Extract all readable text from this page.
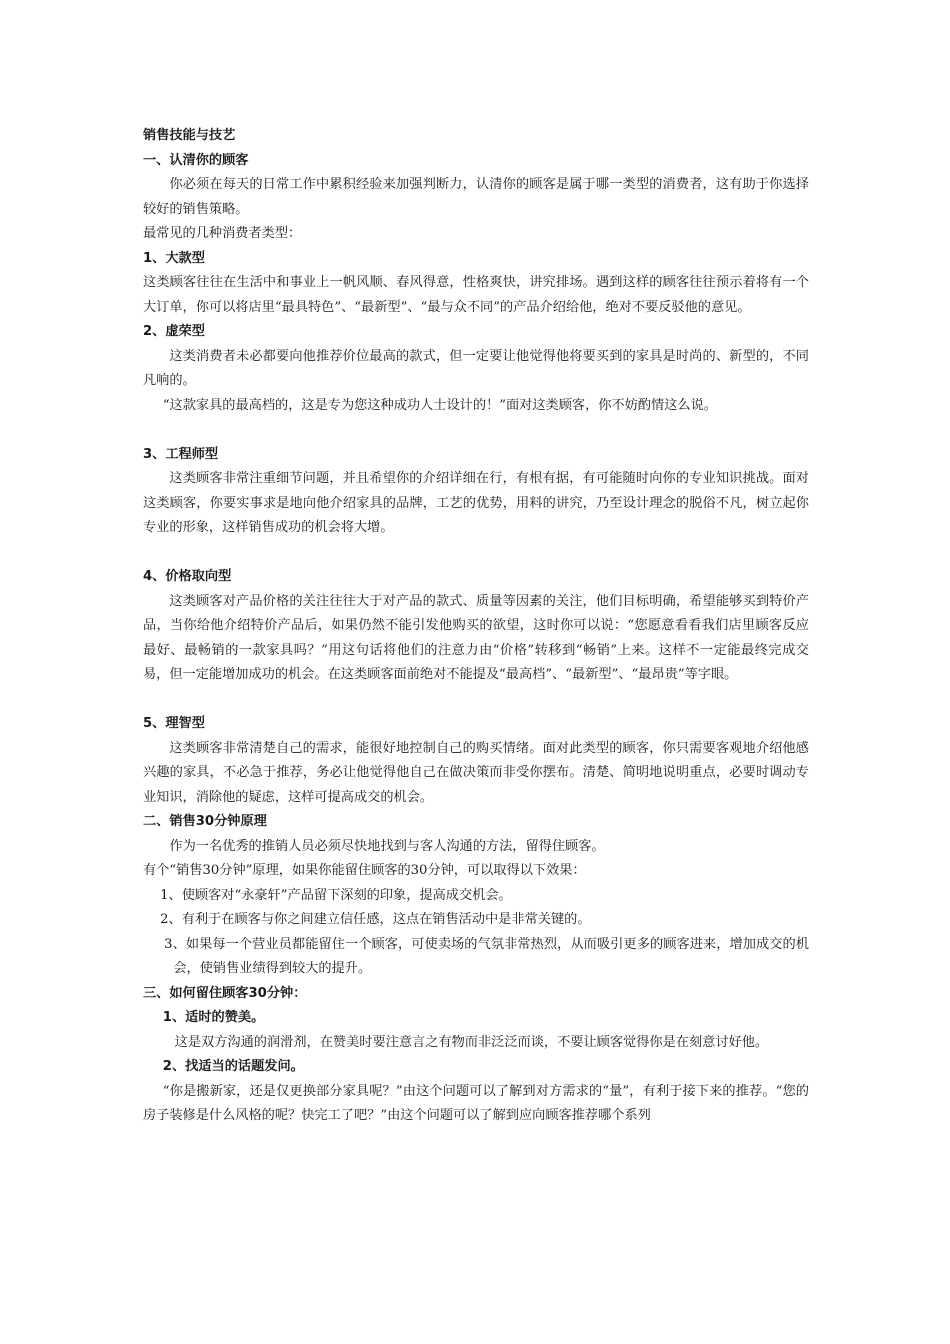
销售技能与技艺

一、认清你的顾客

你必须在每天的日常工作中累积经验来加强判断力，认清你的顾客是属于哪一类型的消费者，这有助于你选择较好的销售策略。

最常见的几种消费者类型：

1、大款型

这类顾客往往在生活中和事业上一帆风顺、春风得意，性格爽快，讲究排场。遇到这样的顾客往往预示着将有一个大订单，你可以将店里“最具特色”、“最新型”、“最与众不同”的产品介绍给他，绝对不要反驳他的意见。

2、虚荣型

这类消费者未必都要向他推荐价位最高的款式，但一定要让他觉得他将要买到的家具是时尚的、新型的，不同凡响的。

“这款家具的最高档的，这是专为您这种成功人士设计的！”面对这类顾客，你不妨酌情这么说。

3、工程师型

这类顾客非常注重细节问题，并且希望你的介绍详细在行，有根有据，有可能随时向你的专业知识挑战。面对这类顾客，你要实事求是地向他介绍家具的品牌，工艺的优势，用料的讲究，乃至设计理念的脱俗不凡，树立起你专业的形象，这样销售成功的机会将大增。

4、价格取向型

这类顾客对产品价格的关注往往大于对产品的款式、质量等因素的关注，他们目标明确，希望能够买到特价产品，当你给他介绍特价产品后，如果仍然不能引发他购买的欲望，这时你可以说：“您愿意看看我们店里顾客反应最好、最畅销的一款家具吗？”用这句话将他们的注意力由“价格”转移到“畅销”上来。这样不一定能最终完成交易，但一定能增加成功的机会。在这类顾客面前绝对不能提及“最高档”、“最新型”、“最昂贵”等字眼。

5、理智型

这类顾客非常清楚自己的需求，能很好地控制自己的购买情绪。面对此类型的顾客，你只需要客观地介绍他感兴趣的家具，不必急于推荐，务必让他觉得他自己在做决策而非受你摆布。清楚、简明地说明重点，必要时调动专业知识，消除他的疑虑，这样可提高成交的机会。

二、销售30分钟原理

作为一名优秀的推销人员必须尽快地找到与客人沟通的方法，留得住顾客。

有个“销售30分钟”原理，如果你能留住顾客的30分钟，可以取得以下效果：

1、使顾客对“永豪轩”产品留下深刻的印象，提高成交机会。

2、有利于在顾客与你之间建立信任感，这点在销售活动中是非常关键的。

3、如果每一个营业员都能留住一个顾客，可使卖场的气氛非常热烈，从而吸引更多的顾客进来，增加成交的机会，使销售业绩得到较大的提升。

三、如何留住顾客30分钟：

1、适时的赞美。

这是双方沟通的润滑剂，在赞美时要注意言之有物而非泛泛而谈，不要让顾客觉得你是在刻意讨好他。

2、找适当的话题发问。

“你是搬新家，还是仅更换部分家具呢？”由这个问题可以了解到对方需求的“量”，有利于接下来的推荐。“您的房子装修是什么风格的呢？快完工了吧？”由这个问题可以了解到应向顾客推荐哪个系列
